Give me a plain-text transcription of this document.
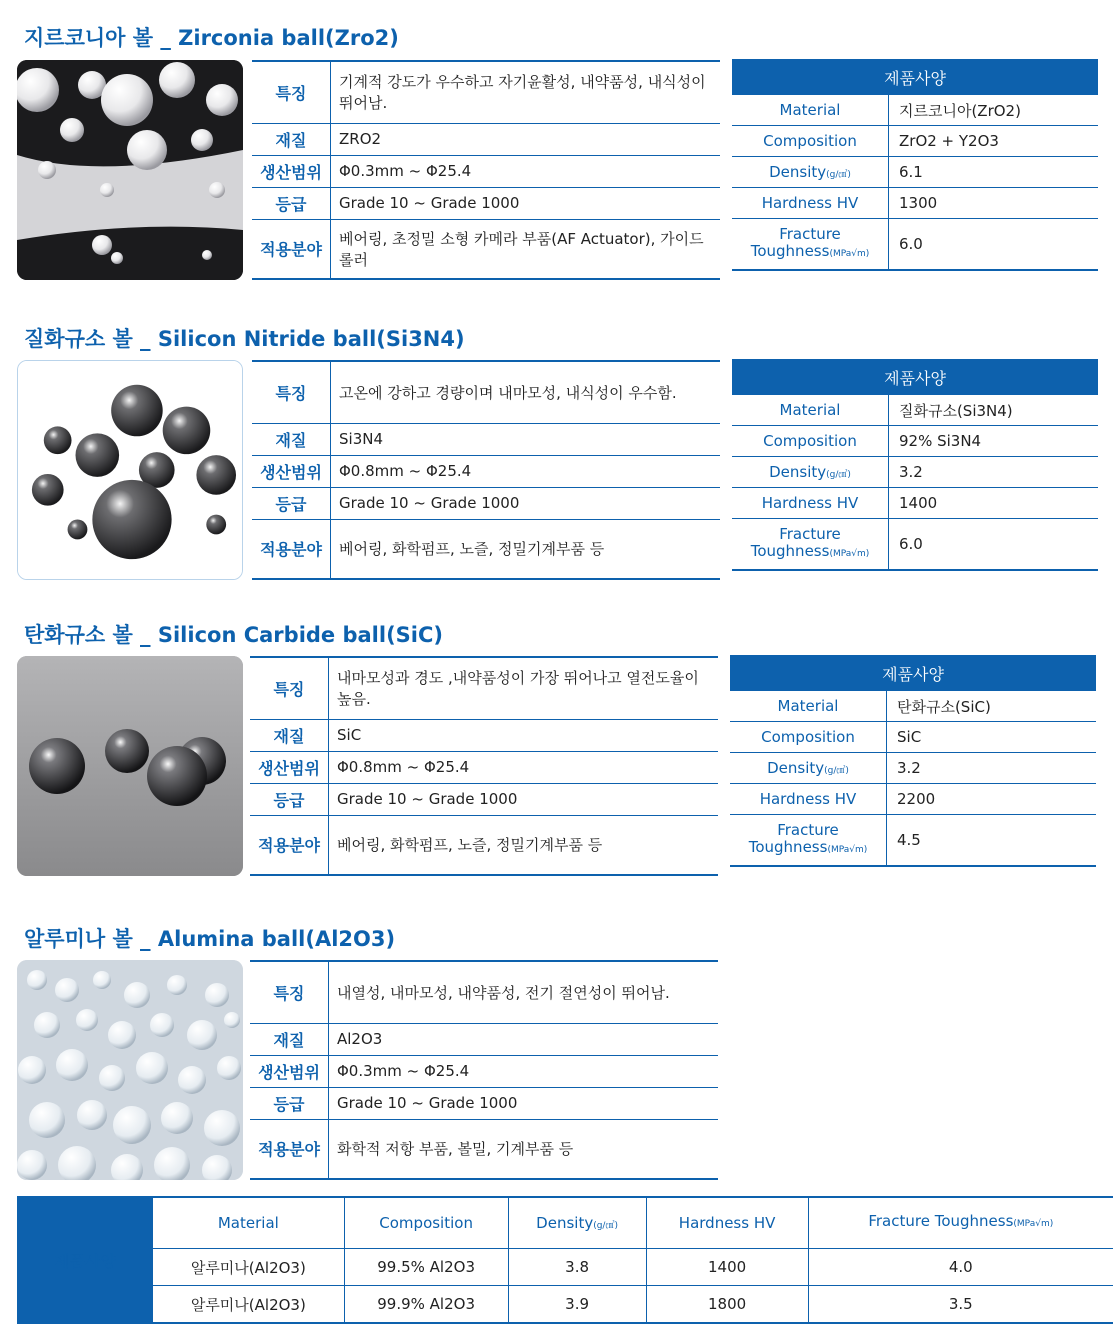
지르코니아 볼 _ Zirconia ball(Zro2)
특징	기계적 강도가 우수하고 자기윤활성, 내약품성, 내식성이 뛰어남.
재질	ZRO2
생산범위	Φ0.3mm ~ Φ25.4
등급	Grade 10 ~ Grade 1000
적용분야	베어링, 초정밀 소형 카메라 부품(AF Actuator), 가이드롤러
제품사양	
Material	지르코니아(ZrO2)
Composition	ZrO2 + Y2O3
Density(g/㎤)	6.1
Hardness HV	1300
Fracture
Toughness(MPa√m)	6.0
질화규소 볼 _ Silicon Nitride ball(Si3N4)
특징	고온에 강하고 경량이며 내마모성, 내식성이 우수함.
재질	Si3N4
생산범위	Φ0.8mm ~ Φ25.4
등급	Grade 10 ~ Grade 1000
적용분야	베어링, 화학펌프, 노즐, 정밀기계부품 등
제품사양	
Material	질화규소(Si3N4)
Composition	92% Si3N4
Density(g/㎤)	3.2
Hardness HV	1400
Fracture
Toughness(MPa√m)	6.0
탄화규소 볼 _ Silicon Carbide ball(SiC)
특징	내마모성과 경도 ,내약품성이 가장 뛰어나고 열전도율이 높음.
재질	SiC
생산범위	Φ0.8mm ~ Φ25.4
등급	Grade 10 ~ Grade 1000
적용분야	베어링, 화학펌프, 노즐, 정밀기계부품 등
제품사양	
Material	탄화규소(SiC)
Composition	SiC
Density(g/㎤)	3.2
Hardness HV	2200
Fracture
Toughness(MPa√m)	4.5
알루미나 볼 _ Alumina ball(Al2O3)
특징	내열성, 내마모성, 내약품성, 전기 절연성이 뛰어남.
재질	Al2O3
생산범위	Φ0.3mm ~ Φ25.4
등급	Grade 10 ~ Grade 1000
적용분야	화학적 저항 부품, 볼밀, 기계부품 등
제품사양	Material	Composition	Density(g/㎤)	Hardness HV	Fracture Toughness(MPa√m)
	알루미나(Al2O3)	99.5% Al2O3	3.8	1400	4.0
	알루미나(Al2O3)	99.9% Al2O3	3.9	1800	3.5
